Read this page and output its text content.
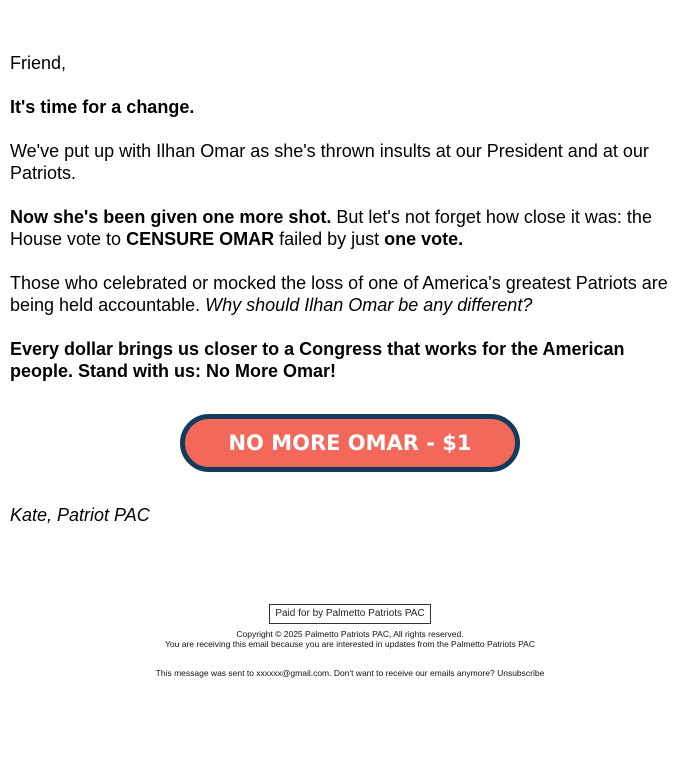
Friend,

It's time for a change.

We've put up with Ilhan Omar as she's thrown insults at our President and at our Patriots.

Now she's been given one more shot. But let's not forget how close it was: the House vote to CENSURE OMAR failed by just one vote.

Those who celebrated or mocked the loss of one of America's greatest Patriots are being held accountable. Why should Ilhan Omar be any different?

Every dollar brings us closer to a Congress that works for the American people. Stand with us: No More Omar!

NO MORE OMAR - $1
Kate, Patriot PAC
Paid for by Palmetto Patriots PAC
Copyright © 2025 Palmetto Patriots PAC, All rights reserved.
You are receiving this email because you are interested in updates from the Palmetto Patriots PAC
This message was sent to xxxxxx@gmail.com. Don't want to receive our emails anymore? Unsubscribe
